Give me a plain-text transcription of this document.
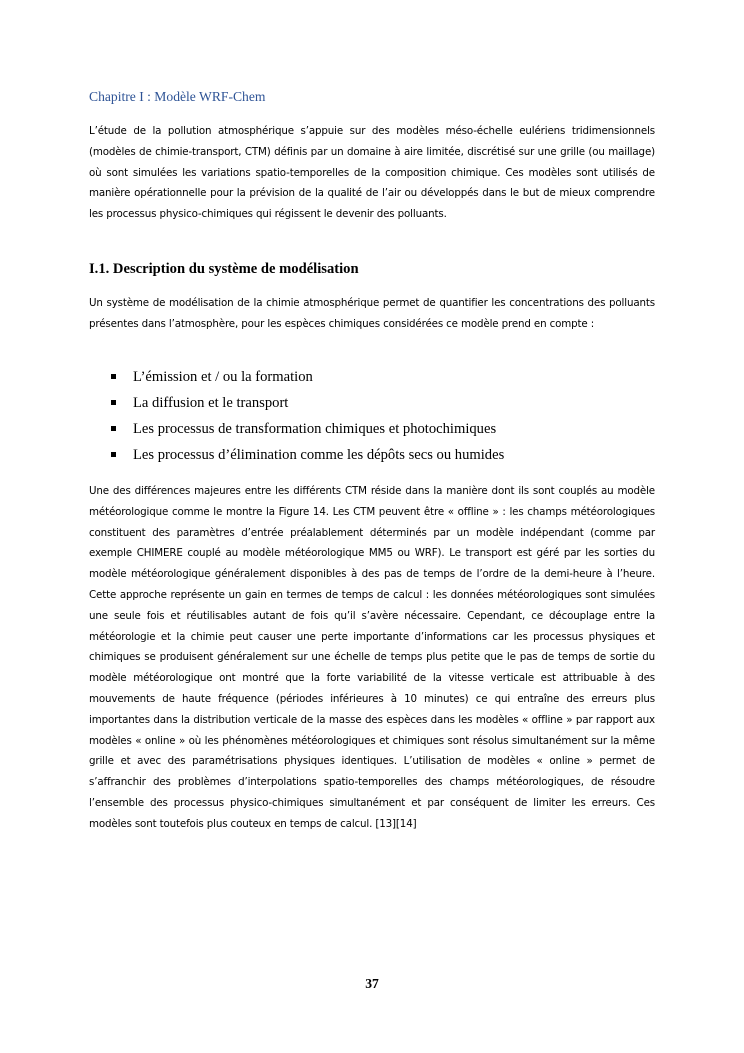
Chapitre I : Modèle WRF-Chem

L’étude de la pollution atmosphérique s’appuie sur des modèles méso-échelle eulériens tridimensionnels (modèles de chimie-transport, CTM) définis par un domaine à aire limitée, discrétisé sur une grille (ou maillage) où sont simulées les variations spatio-temporelles de la composition chimique. Ces modèles sont utilisés de manière opérationnelle pour la prévision de la qualité de l’air ou développés dans le but de mieux comprendre les processus physico-chimiques qui régissent le devenir des polluants.

I.1. Description du système de modélisation

Un système de modélisation de la chimie atmosphérique permet de quantifier les concentrations des polluants présentes dans l’atmosphère, pour les espèces chimiques considérées ce modèle prend en compte :

L’émission et / ou la formation
La diffusion et le transport
Les processus de transformation chimiques et photochimiques
Les processus d’élimination comme les dépôts secs ou humides

Une des différences majeures entre les différents CTM réside dans la manière dont ils sont couplés au modèle météorologique comme le montre la Figure 14. Les CTM peuvent être « offline » : les champs météorologiques constituent des paramètres d’entrée préalablement déterminés par un modèle indépendant (comme par exemple CHIMERE couplé au modèle météorologique MM5 ou WRF). Le transport est géré par les sorties du modèle météorologique généralement disponibles à des pas de temps de l’ordre de la demi-heure à l’heure. Cette approche représente un gain en termes de temps de calcul : les données météorologiques sont simulées une seule fois et réutilisables autant de fois qu’il s’avère nécessaire. Cependant, ce découplage entre la météorologie et la chimie peut causer une perte importante d’informations car les processus physiques et chimiques se produisent généralement sur une échelle de temps plus petite que le pas de temps de sortie du modèle météorologique ont montré que la forte variabilité de la vitesse verticale est attribuable à des mouvements de haute fréquence (périodes inférieures à 10 minutes) ce qui entraîne des erreurs plus importantes dans la distribution verticale de la masse des espèces dans les modèles « offline » par rapport aux modèles « online » où les phénomènes météorologiques et chimiques sont résolus simultanément sur la même grille et avec des paramétrisations physiques identiques. L’utilisation de modèles « online » permet de s’affranchir des problèmes d’interpolations spatio-temporelles des champs météorologiques, de résoudre l’ensemble des processus physico-chimiques simultanément et par conséquent de limiter les erreurs. Ces modèles sont toutefois plus couteux en temps de calcul. [13][14]

37
